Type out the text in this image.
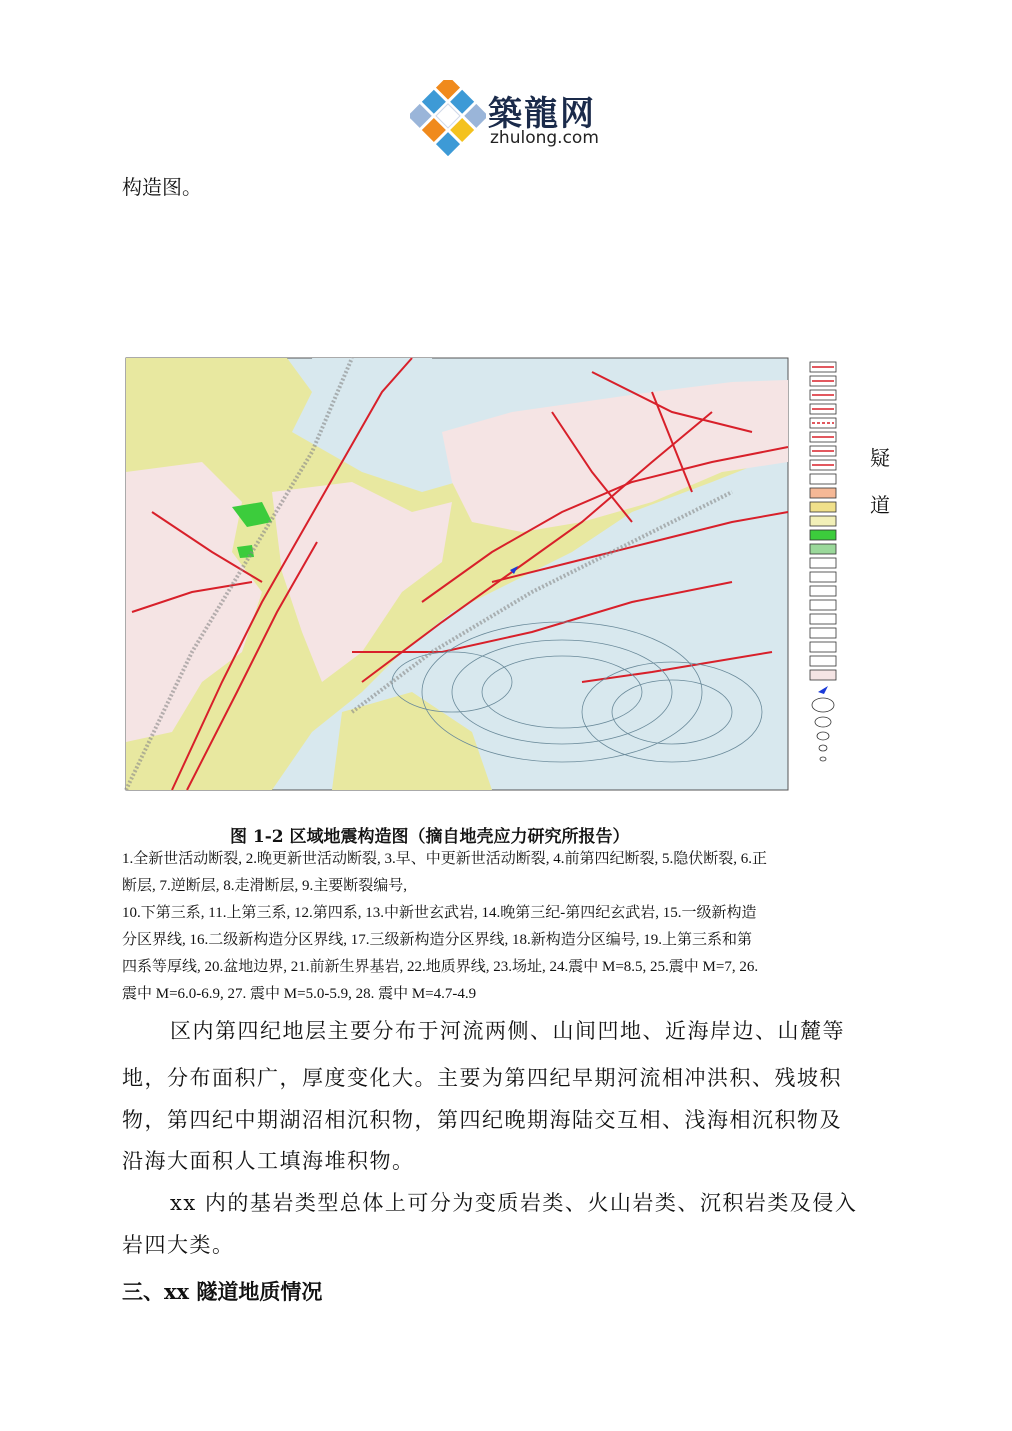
築龍网
zhulong.com
构造图。
疑
道
图 1-2 区域地震构造图（摘自地壳应力研究所报告）
1.全新世活动断裂, 2.晚更新世活动断裂, 3.早、中更新世活动断裂, 4.前第四纪断裂, 5.隐伏断裂, 6.正
断层, 7.逆断层, 8.走滑断层, 9.主要断裂编号,
10.下第三系, 11.上第三系, 12.第四系, 13.中新世玄武岩, 14.晚第三纪-第四纪玄武岩, 15.一级新构造
分区界线, 16.二级新构造分区界线, 17.三级新构造分区界线, 18.新构造分区编号, 19.上第三系和第
四系等厚线, 20.盆地边界, 21.前新生界基岩, 22.地质界线, 23.场址, 24.震中 M=8.5, 25.震中 M=7, 26.
震中 M=6.0-6.9, 27. 震中 M=5.0-5.9, 28. 震中 M=4.7-4.9
区内第四纪地层主要分布于河流两侧、山间凹地、近海岸边、山麓等
地，分布面积广，厚度变化大。主要为第四纪早期河流相冲洪积、残坡积
物，第四纪中期湖沼相沉积物，第四纪晚期海陆交互相、浅海相沉积物及
沿海大面积人工填海堆积物。
xx 内的基岩类型总体上可分为变质岩类、火山岩类、沉积岩类及侵入
岩四大类。
三、xx 隧道地质情况
